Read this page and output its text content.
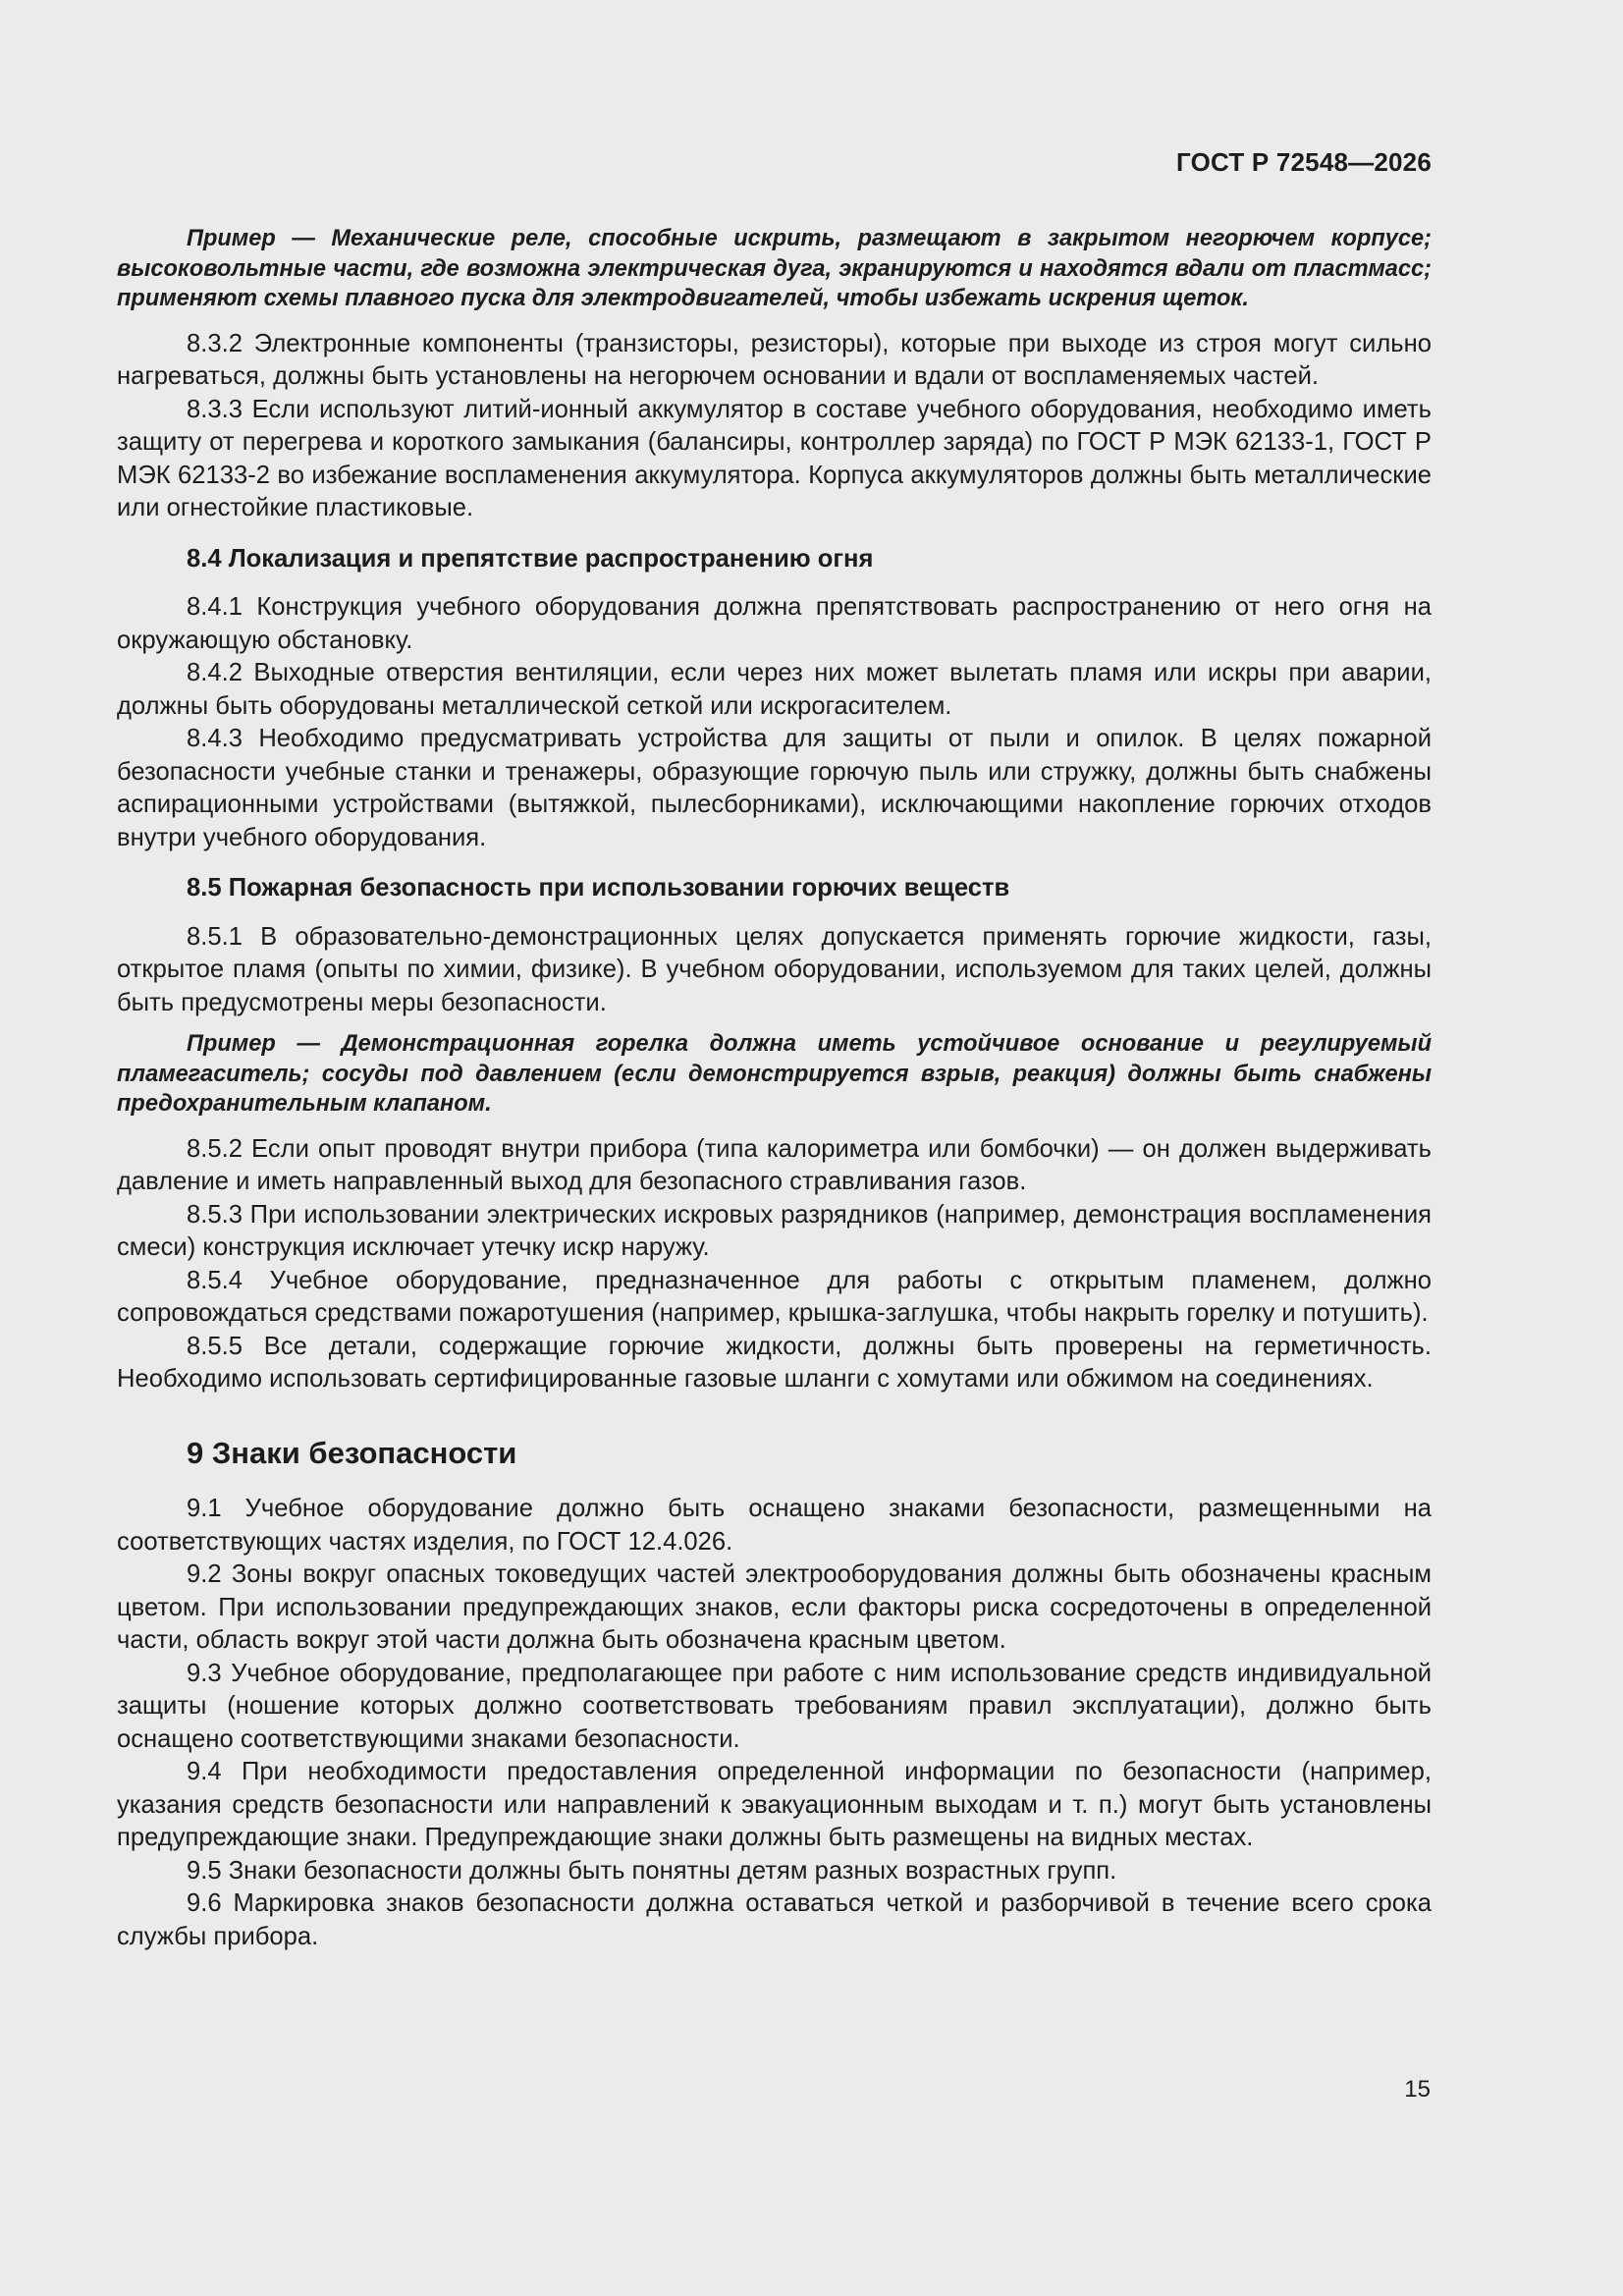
ГОСТ Р 72548—2026

Пример — Механические реле, способные искрить, размещают в закрытом негорючем корпусе; высоковольтные части, где возможна электрическая дуга, экранируются и находятся вдали от пластмасс; применяют схемы плавного пуска для электродвигателей, чтобы избежать искрения щеток.

8.3.2 Электронные компоненты (транзисторы, резисторы), которые при выходе из строя могут сильно нагреваться, должны быть установлены на негорючем основании и вдали от воспламеняемых частей.

8.3.3 Если используют литий-ионный аккумулятор в составе учебного оборудования, необходимо иметь защиту от перегрева и короткого замыкания (балансиры, контроллер заряда) по ГОСТ Р МЭК 62133-1, ГОСТ Р МЭК 62133-2 во избежание воспламенения аккумулятора. Корпуса аккумуляторов должны быть металлические или огнестойкие пластиковые.

8.4 Локализация и препятствие распространению огня

8.4.1 Конструкция учебного оборудования должна препятствовать распространению от него огня на окружающую обстановку.

8.4.2 Выходные отверстия вентиляции, если через них может вылетать пламя или искры при аварии, должны быть оборудованы металлической сеткой или искрогасителем.

8.4.3 Необходимо предусматривать устройства для защиты от пыли и опилок. В целях пожарной безопасности учебные станки и тренажеры, образующие горючую пыль или стружку, должны быть снабжены аспирационными устройствами (вытяжкой, пылесборниками), исключающими накопление горючих отходов внутри учебного оборудования.

8.5 Пожарная безопасность при использовании горючих веществ

8.5.1 В образовательно-демонстрационных целях допускается применять горючие жидкости, газы, открытое пламя (опыты по химии, физике). В учебном оборудовании, используемом для таких целей, должны быть предусмотрены меры безопасности.

Пример — Демонстрационная горелка должна иметь устойчивое основание и регулируемый пламегаситель; сосуды под давлением (если демонстрируется взрыв, реакция) должны быть снабжены предохранительным клапаном.

8.5.2 Если опыт проводят внутри прибора (типа калориметра или бомбочки) — он должен выдерживать давление и иметь направленный выход для безопасного стравливания газов.

8.5.3 При использовании электрических искровых разрядников (например, демонстрация воспламенения смеси) конструкция исключает утечку искр наружу.

8.5.4 Учебное оборудование, предназначенное для работы с открытым пламенем, должно сопровождаться средствами пожаротушения (например, крышка-заглушка, чтобы накрыть горелку и потушить).

8.5.5 Все детали, содержащие горючие жидкости, должны быть проверены на герметичность. Необходимо использовать сертифицированные газовые шланги с хомутами или обжимом на соединениях.

9 Знаки безопасности

9.1 Учебное оборудование должно быть оснащено знаками безопасности, размещенными на соответствующих частях изделия, по ГОСТ 12.4.026.

9.2 Зоны вокруг опасных токоведущих частей электрооборудования должны быть обозначены красным цветом. При использовании предупреждающих знаков, если факторы риска сосредоточены в определенной части, область вокруг этой части должна быть обозначена красным цветом.

9.3 Учебное оборудование, предполагающее при работе с ним использование средств индивидуальной защиты (ношение которых должно соответствовать требованиям правил эксплуатации), должно быть оснащено соответствующими знаками безопасности.

9.4 При необходимости предоставления определенной информации по безопасности (например, указания средств безопасности или направлений к эвакуационным выходам и т. п.) могут быть установлены предупреждающие знаки. Предупреждающие знаки должны быть размещены на видных местах.

9.5 Знаки безопасности должны быть понятны детям разных возрастных групп.

9.6 Маркировка знаков безопасности должна оставаться четкой и разборчивой в течение всего срока службы прибора.

15
